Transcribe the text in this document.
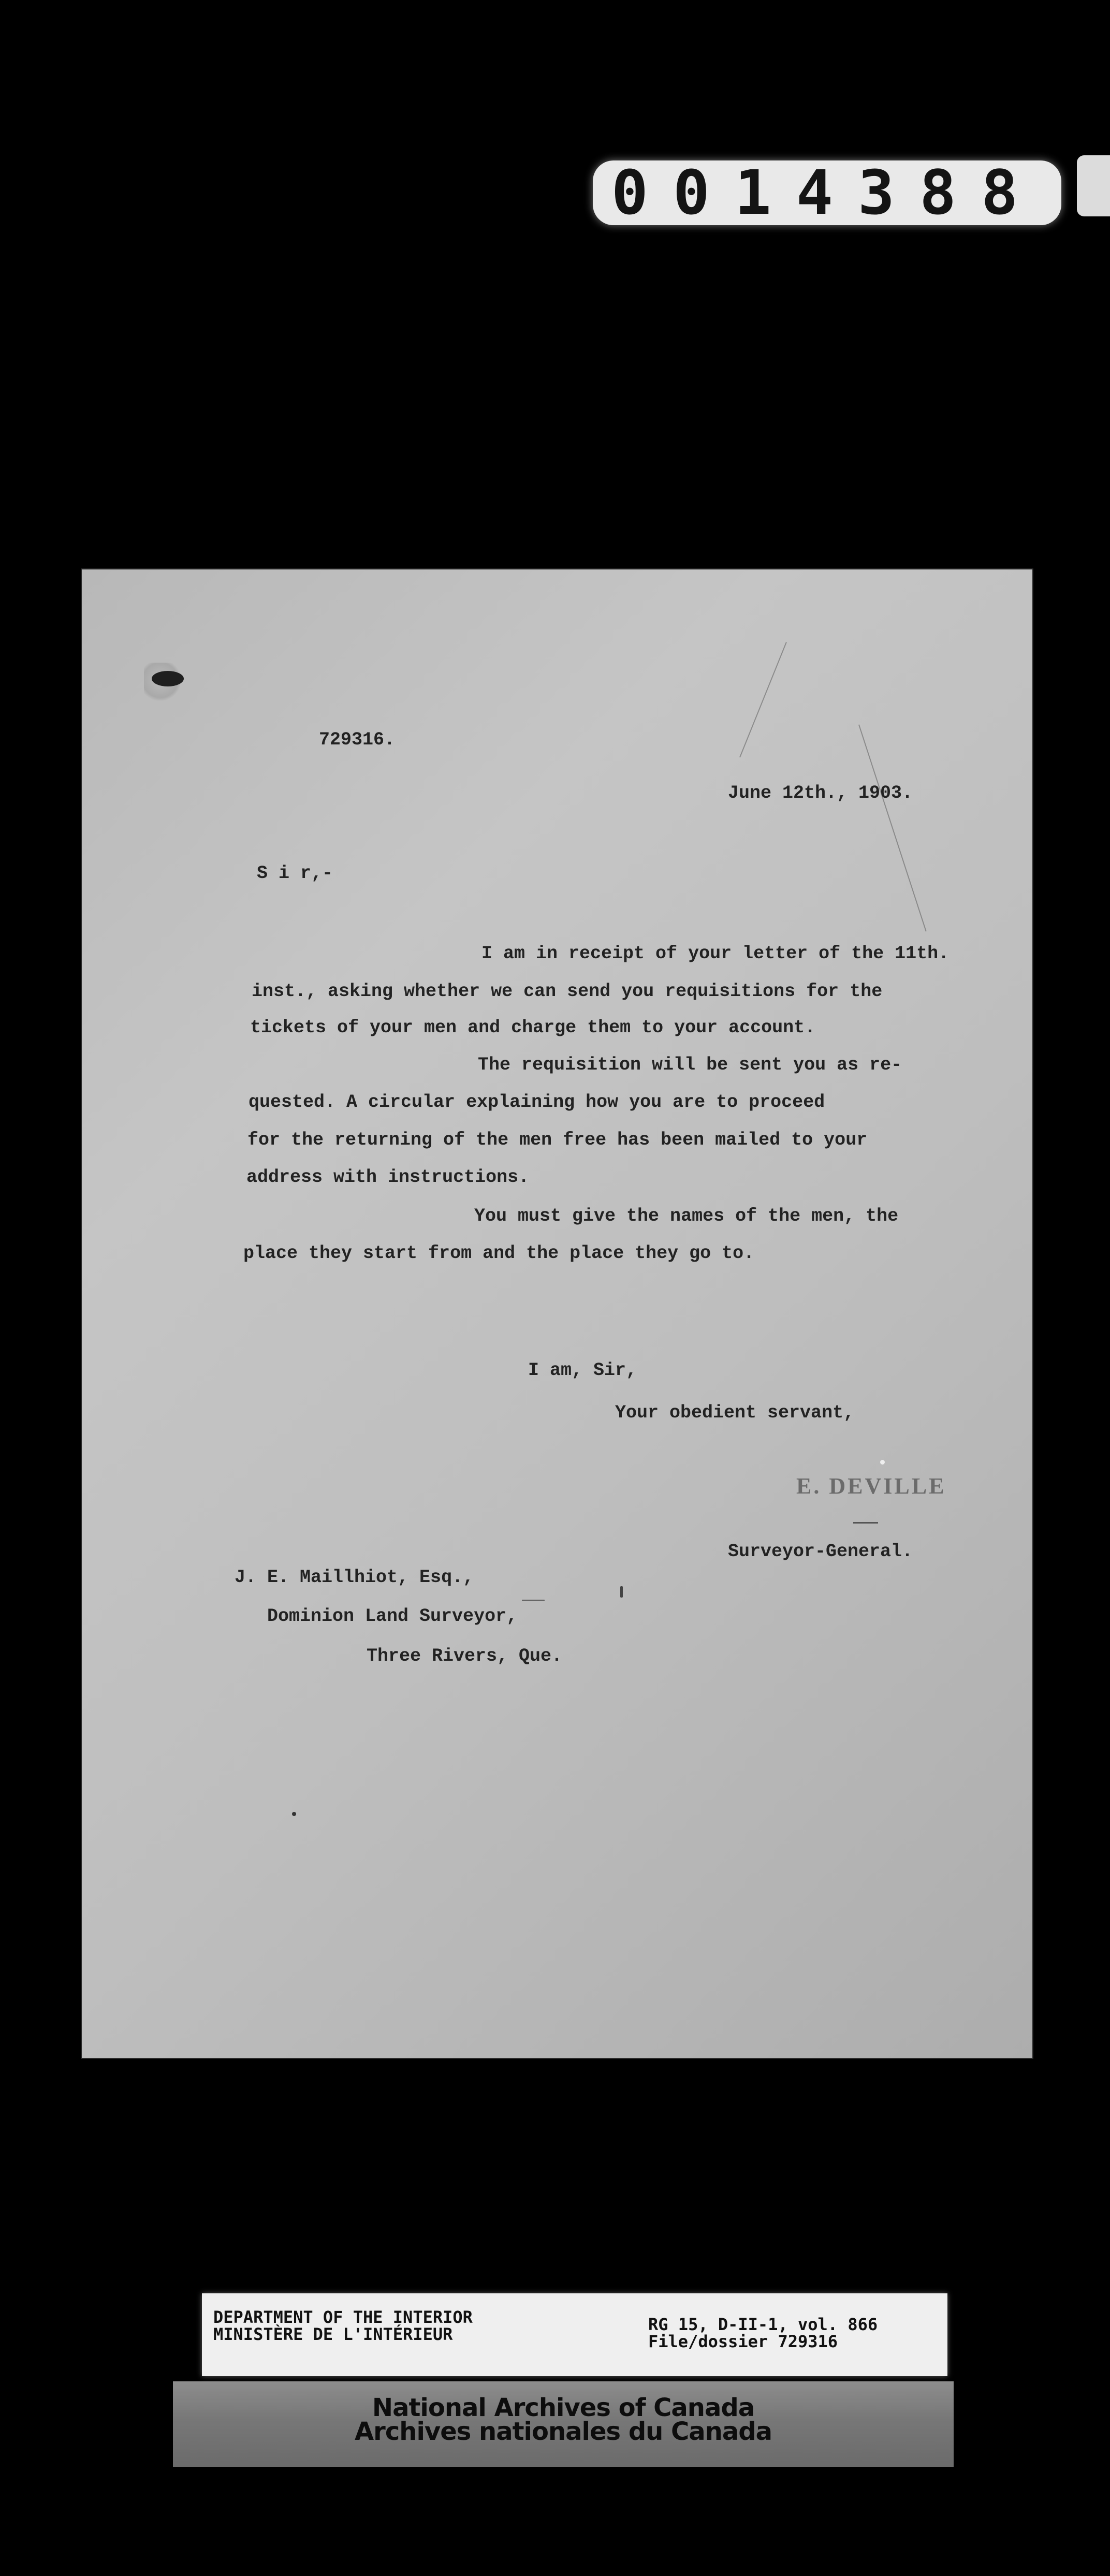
0014388
729316.
June 12th., 1903.
S i r,-
I am in receipt of your letter of the 11th.
inst., asking whether we can send you requisitions for the
tickets of your men and charge them to your account.
The requisition will be sent you as re-
quested. A circular explaining how you are to proceed
for the returning of the men free has been mailed to your
address with instructions.
You must give the names of the men, the
place they start from and the place they go to.
I am, Sir,
Your obedient servant,
E. DEVILLE
Surveyor-General.
J. E. Maillhiot, Esq.,
Dominion Land Surveyor,
Three Rivers, Que.
DEPARTMENT OF THE INTERIOR
MINISTÈRE DE L'INTÉRIEUR	RG 15, D-II-1, vol. 866
File/dossier 729316
National Archives of Canada
Archives nationales du Canada
